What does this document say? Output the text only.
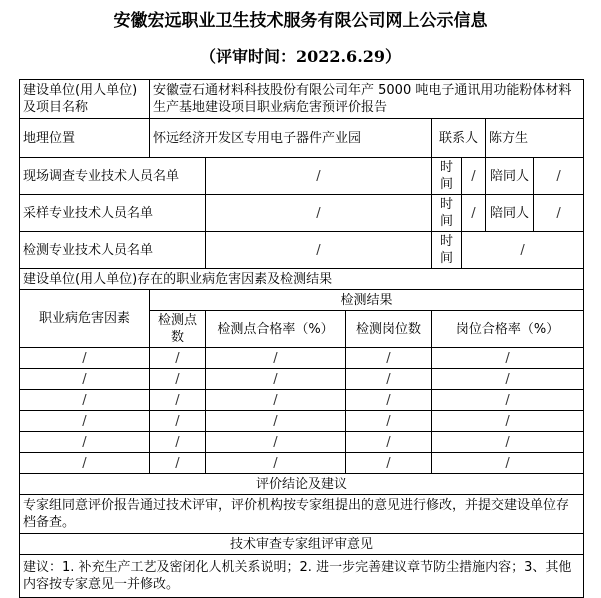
安徽宏远职业卫生技术服务有限公司网上公示信息
（评审时间：2022.6.29）
建设单位(用人单位)及项目名称	安徽壹石通材料科技股份有限公司年产 5000 吨电子通讯用功能粉体材料生产基地建设项目职业病危害预评价报告						
地理位置	怀远经济开发区专用电子器件产业园			联系人		陈方生	
现场调查专业技术人员名单		/		时间	/	陪同人	/
采样专业技术人员名单		/		时间	/	陪同人	/
检测专业技术人员名单		/		时间	/		
建设单位(用人单位)存在的职业病危害因素及检测结果							
职业病危害因素	检测结果						
	检测点数	检测点合格率（%）	检测岗位数	岗位合格率（%）			
/	/	/	/	/			
/	/	/	/	/			
/	/	/	/	/			
/	/	/	/	/			
/	/	/	/	/			
/	/	/	/	/			
评价结论及建议							
专家组同意评价报告通过技术评审，评价机构按专家组提出的意见进行修改，并提交建设单位存档备查。							
技术审查专家组评审意见							
建议：1. 补充生产工艺及密闭化人机关系说明；2. 进一步完善建议章节防尘措施内容；3、其他内容按专家意见一并修改。							
